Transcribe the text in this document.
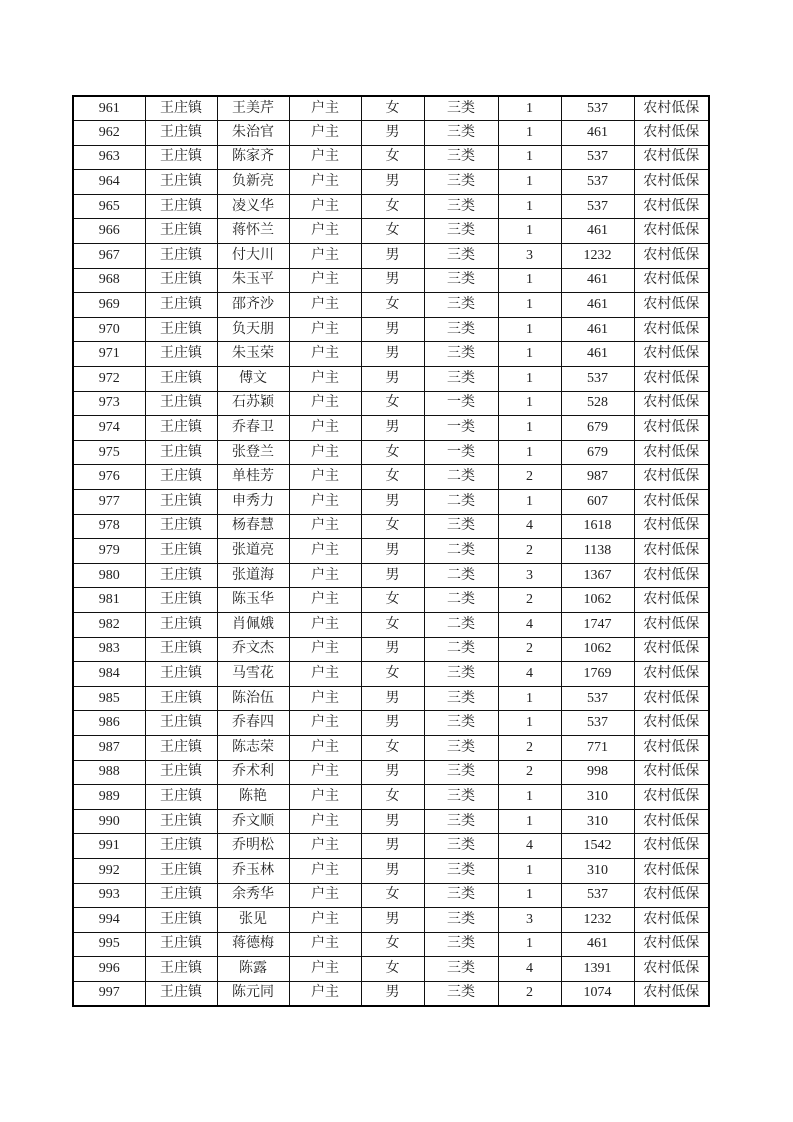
961	王庄镇	王美芹	户主	女	三类	1	537	农村低保
962	王庄镇	朱治官	户主	男	三类	1	461	农村低保
963	王庄镇	陈家齐	户主	女	三类	1	537	农村低保
964	王庄镇	负新亮	户主	男	三类	1	537	农村低保
965	王庄镇	凌义华	户主	女	三类	1	537	农村低保
966	王庄镇	蒋怀兰	户主	女	三类	1	461	农村低保
967	王庄镇	付大川	户主	男	三类	3	1232	农村低保
968	王庄镇	朱玉平	户主	男	三类	1	461	农村低保
969	王庄镇	邵齐沙	户主	女	三类	1	461	农村低保
970	王庄镇	负天朋	户主	男	三类	1	461	农村低保
971	王庄镇	朱玉荣	户主	男	三类	1	461	农村低保
972	王庄镇	傅文	户主	男	三类	1	537	农村低保
973	王庄镇	石苏颖	户主	女	一类	1	528	农村低保
974	王庄镇	乔春卫	户主	男	一类	1	679	农村低保
975	王庄镇	张登兰	户主	女	一类	1	679	农村低保
976	王庄镇	单桂芳	户主	女	二类	2	987	农村低保
977	王庄镇	申秀力	户主	男	二类	1	607	农村低保
978	王庄镇	杨春慧	户主	女	三类	4	1618	农村低保
979	王庄镇	张道亮	户主	男	二类	2	1138	农村低保
980	王庄镇	张道海	户主	男	二类	3	1367	农村低保
981	王庄镇	陈玉华	户主	女	二类	2	1062	农村低保
982	王庄镇	肖佩娥	户主	女	二类	4	1747	农村低保
983	王庄镇	乔文杰	户主	男	二类	2	1062	农村低保
984	王庄镇	马雪花	户主	女	三类	4	1769	农村低保
985	王庄镇	陈治伍	户主	男	三类	1	537	农村低保
986	王庄镇	乔春四	户主	男	三类	1	537	农村低保
987	王庄镇	陈志荣	户主	女	三类	2	771	农村低保
988	王庄镇	乔术利	户主	男	三类	2	998	农村低保
989	王庄镇	陈艳	户主	女	三类	1	310	农村低保
990	王庄镇	乔文顺	户主	男	三类	1	310	农村低保
991	王庄镇	乔明松	户主	男	三类	4	1542	农村低保
992	王庄镇	乔玉林	户主	男	三类	1	310	农村低保
993	王庄镇	余秀华	户主	女	三类	1	537	农村低保
994	王庄镇	张见	户主	男	三类	3	1232	农村低保
995	王庄镇	蒋德梅	户主	女	三类	1	461	农村低保
996	王庄镇	陈露	户主	女	三类	4	1391	农村低保
997	王庄镇	陈元同	户主	男	三类	2	1074	农村低保
